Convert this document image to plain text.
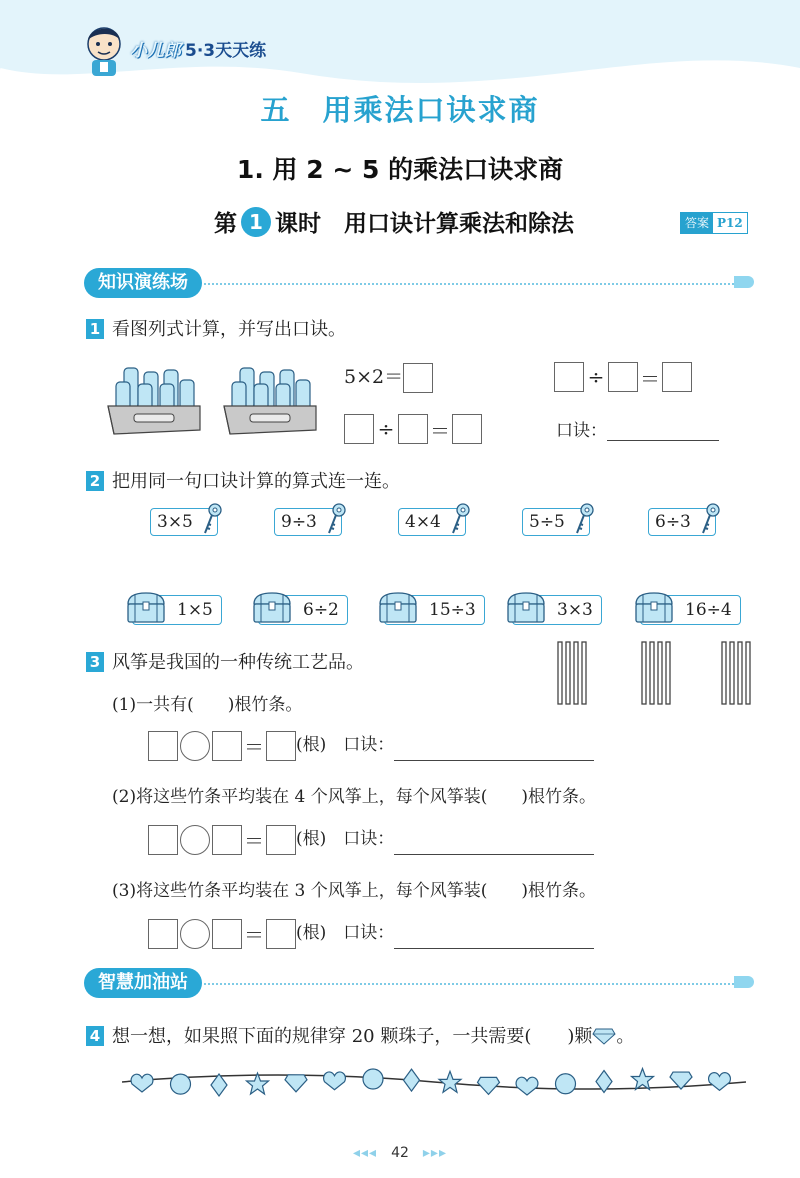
小儿郎 5·3天天练
五　用乘法口诀求商
1. 用 2 ~ 5 的乘法口诀求商
第 1 课时　用口诀计算乘法和除法	答案 P12
知识演练场
1 看图列式计算，并写出口诀。
5×2＝	÷ ＝
÷ ＝	口诀：
2 把用同一句口诀计算的算式连一连。
3×5	9÷3	4×4	5÷5	6÷3
1×5	6÷2	15÷3	3×3	16÷4
3 风筝是我国的一种传统工艺品。
(1)一共有(　　)根竹条。
＝ (根)　 口诀：
(2)将这些竹条平均装在 4 个风筝上，每个风筝装(　　)根竹条。
＝ (根)　 口诀：
(3)将这些竹条平均装在 3 个风筝上，每个风筝装(　　)根竹条。
＝ (根)　 口诀：
智慧加油站
4 想一想，如果照下面的规律穿 20 颗珠子，一共需要(　　)颗 。
◂◂◂　 42　 ▸▸▸
